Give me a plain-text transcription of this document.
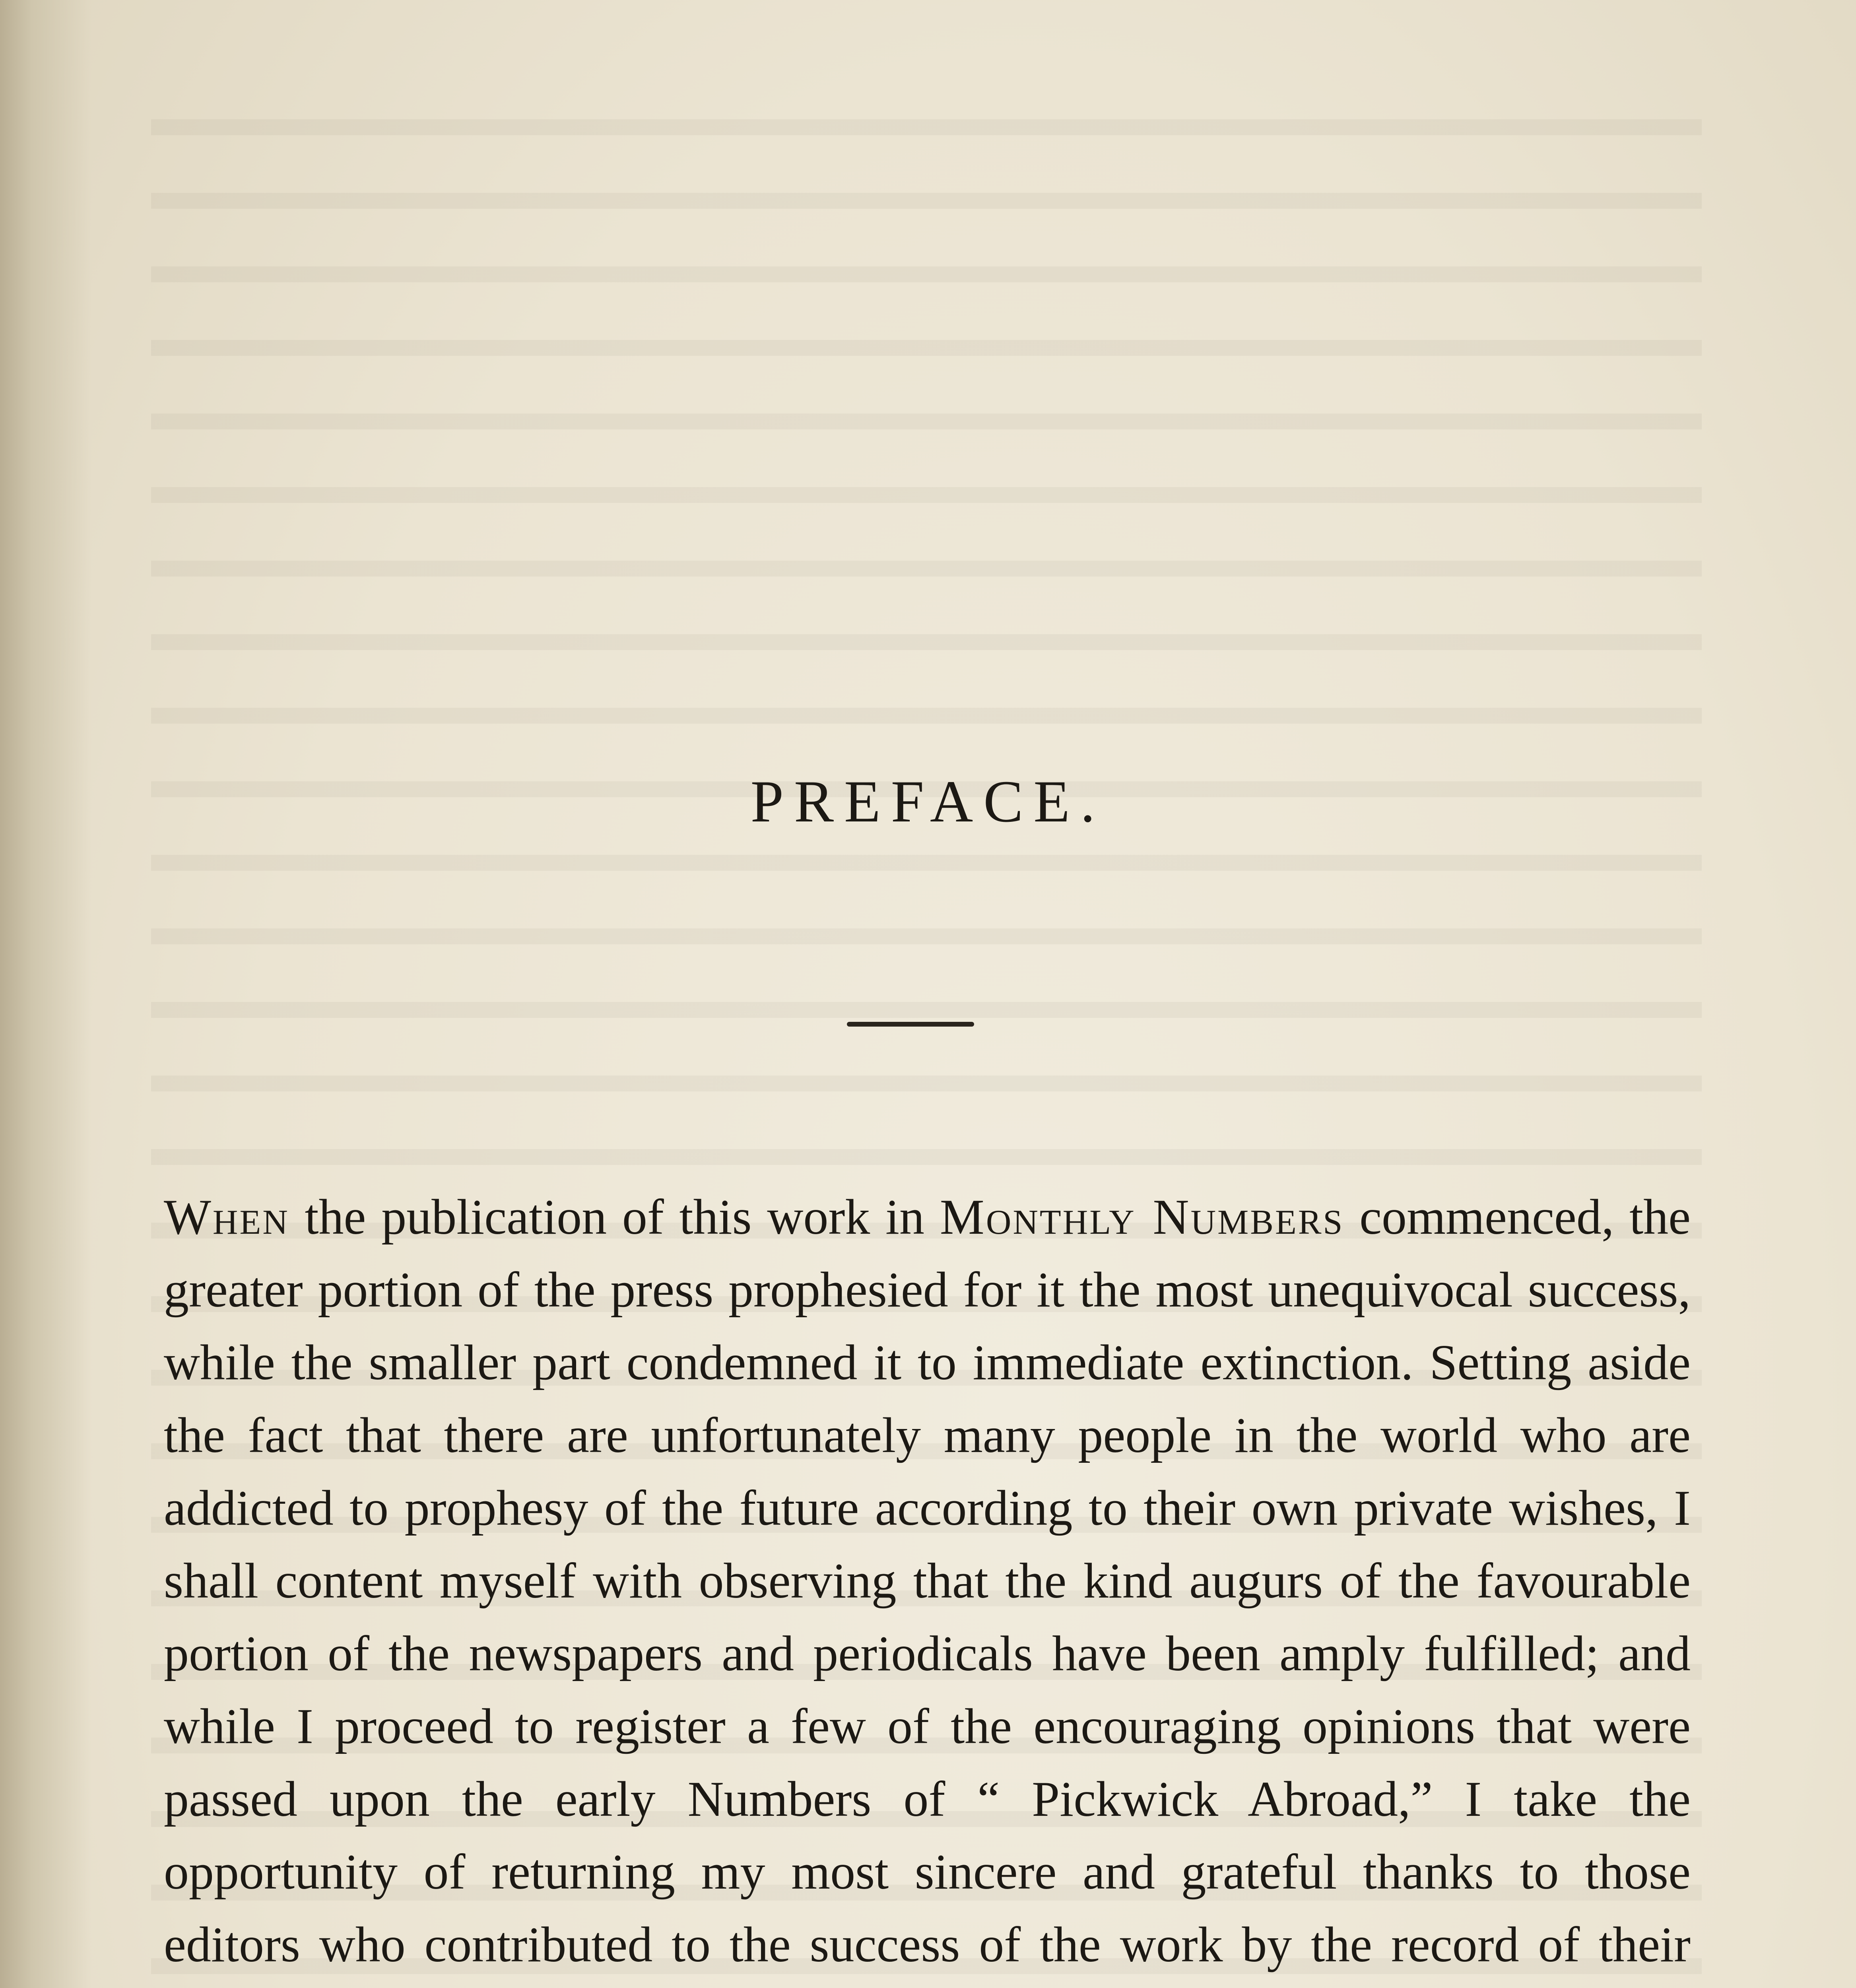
PREFACE.
When the publication of this work in Monthly Numbers commenced, the greater portion of the press prophesied for it the most unequivocal success, while the smaller part condemned it to immediate extinction. Setting aside the fact that there are unfortunately many people in the world who are addicted to prophesy of the future according to their own private wishes, I shall content myself with observing that the kind augurs of the favourable portion of the newspapers and periodicals have been amply fulfilled; and while I proceed to register a few of the encouraging opinions that were passed upon the early Numbers of “ Pickwick Abroad,” I take the opportunity of returning my most sincere and grateful thanks to those editors who contributed to the success of the work by the record of their
